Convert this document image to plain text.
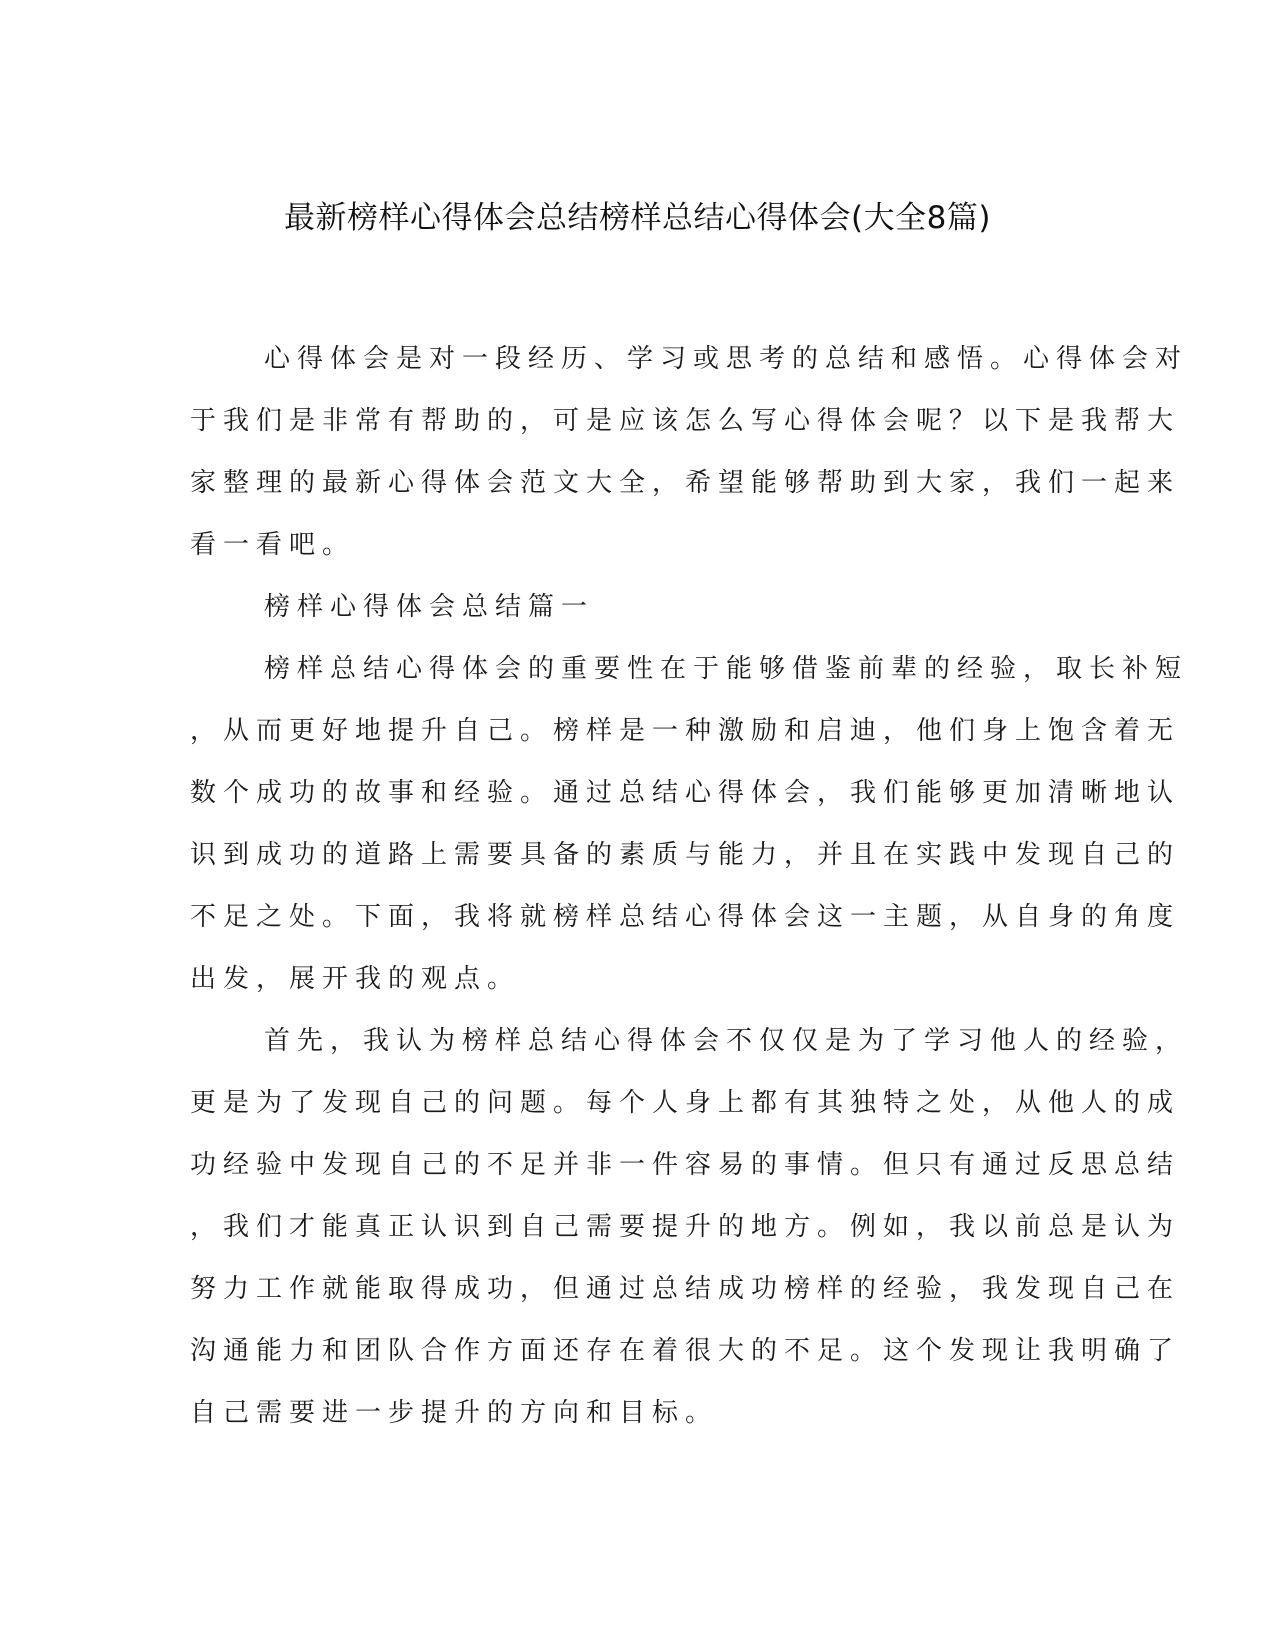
最新榜样心得体会总结榜样总结心得体会(大全8篇)
心得体会是对一段经历、学习或思考的总结和感悟。心得体会对
于我们是非常有帮助的，可是应该怎么写心得体会呢？以下是我帮大
家整理的最新心得体会范文大全，希望能够帮助到大家，我们一起来
看一看吧。
榜样心得体会总结篇一
榜样总结心得体会的重要性在于能够借鉴前辈的经验，取长补短
，从而更好地提升自己。榜样是一种激励和启迪，他们身上饱含着无
数个成功的故事和经验。通过总结心得体会，我们能够更加清晰地认
识到成功的道路上需要具备的素质与能力，并且在实践中发现自己的
不足之处。下面，我将就榜样总结心得体会这一主题，从自身的角度
出发，展开我的观点。
首先，我认为榜样总结心得体会不仅仅是为了学习他人的经验，
更是为了发现自己的问题。每个人身上都有其独特之处，从他人的成
功经验中发现自己的不足并非一件容易的事情。但只有通过反思总结
，我们才能真正认识到自己需要提升的地方。例如，我以前总是认为
努力工作就能取得成功，但通过总结成功榜样的经验，我发现自己在
沟通能力和团队合作方面还存在着很大的不足。这个发现让我明确了
自己需要进一步提升的方向和目标。
